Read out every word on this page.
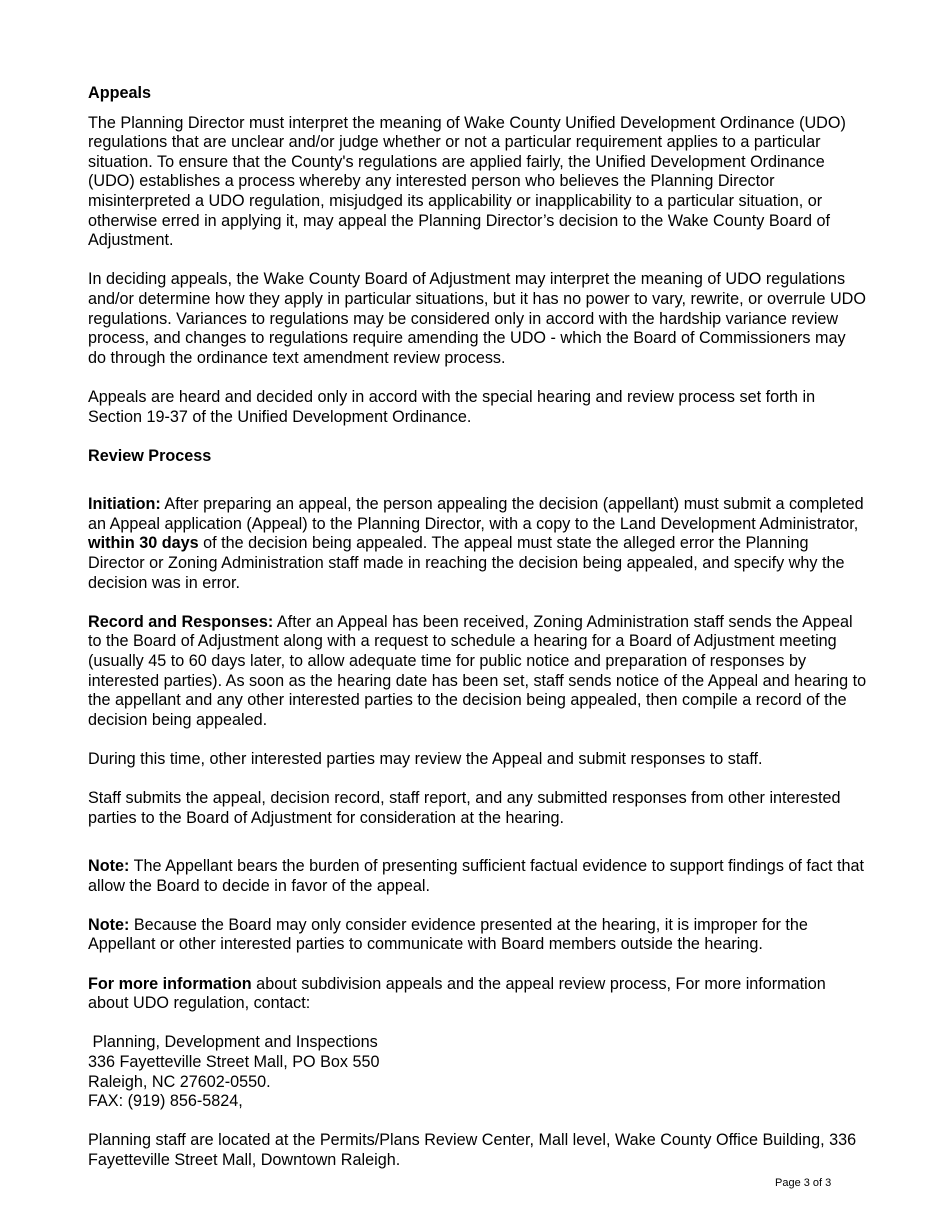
Appeals

The Planning Director must interpret the meaning of Wake County Unified Development Ordinance (UDO) regulations that are unclear and/or judge whether or not a particular requirement applies to a particular situation. To ensure that the County's regulations are applied fairly, the Unified Development Ordinance (UDO) establishes a process whereby any interested person who believes the Planning Director misinterpreted a UDO regulation, misjudged its applicability or inapplicability to a particular situation, or otherwise erred in applying it, may appeal the Planning Director’s decision to the Wake County Board of Adjustment.

In deciding appeals, the Wake County Board of Adjustment may interpret the meaning of UDO regulations and/or determine how they apply in particular situations, but it has no power to vary, rewrite, or overrule UDO regulations. Variances to regulations may be considered only in accord with the hardship variance review process, and changes to regulations require amending the UDO - which the Board of Commissioners may do through the ordinance text amendment review process.

Appeals are heard and decided only in accord with the special hearing and review process set forth in Section 19-37 of the Unified Development Ordinance.

Review Process

Initiation: After preparing an appeal, the person appealing the decision (appellant) must submit a completed an Appeal application (Appeal) to the Planning Director, with a copy to the Land Development Administrator, within 30 days of the decision being appealed. The appeal must state the alleged error the Planning Director or Zoning Administration staff made in reaching the decision being appealed, and specify why the decision was in error.

Record and Responses: After an Appeal has been received, Zoning Administration staff sends the Appeal to the Board of Adjustment along with a request to schedule a hearing for a Board of Adjustment meeting (usually 45 to 60 days later, to allow adequate time for public notice and preparation of responses by interested parties). As soon as the hearing date has been set, staff sends notice of the Appeal and hearing to the appellant and any other interested parties to the decision being appealed, then compile a record of the decision being appealed.

During this time, other interested parties may review the Appeal and submit responses to staff.

Staff submits the appeal, decision record, staff report, and any submitted responses from other interested parties to the Board of Adjustment for consideration at the hearing.

Note: The Appellant bears the burden of presenting sufficient factual evidence to support findings of fact that allow the Board to decide in favor of the appeal.

Note: Because the Board may only consider evidence presented at the hearing, it is improper for the Appellant or other interested parties to communicate with Board members outside the hearing.

For more information about subdivision appeals and the appeal review process, For more information about UDO regulation, contact:

Planning, Development and Inspections
336 Fayetteville Street Mall, PO Box 550
Raleigh, NC 27602-0550.
FAX: (919) 856-5824,

Planning staff are located at the Permits/Plans Review Center, Mall level, Wake County Office Building, 336 Fayetteville Street Mall, Downtown Raleigh.

Page 3 of 3
